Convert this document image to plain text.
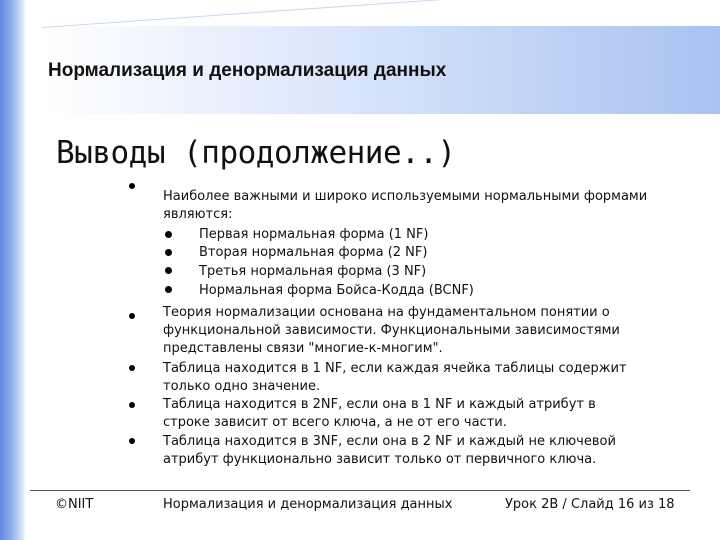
Нормализация и денормализация данных
Выводы (продолжение..)
Наиболее важными и широко используемыми нормальными формами
являются:
Первая нормальная форма (1 NF)
Вторая нормальная форма (2 NF)
Третья нормальная форма (3 NF)
Нормальная форма Бойса-Кодда (BCNF)
Теория нормализации основана на фундаментальном понятии о
функциональной зависимости. Функциональными зависимостями
представлены связи "многие-к-многим".
Таблица находится в 1 NF, если каждая ячейка таблицы содержит
только одно значение.
Таблица находится в 2NF, если она в 1 NF и каждый атрибут в
строке зависит от всего ключа, а не от его части.
Таблица находится в 3NF, если она в 2 NF и каждый не ключевой
атрибут функционально зависит только от первичного ключа.
©NIIT	Нормализация и денормализация данных	Урок 2В / Слайд 16 из 18
